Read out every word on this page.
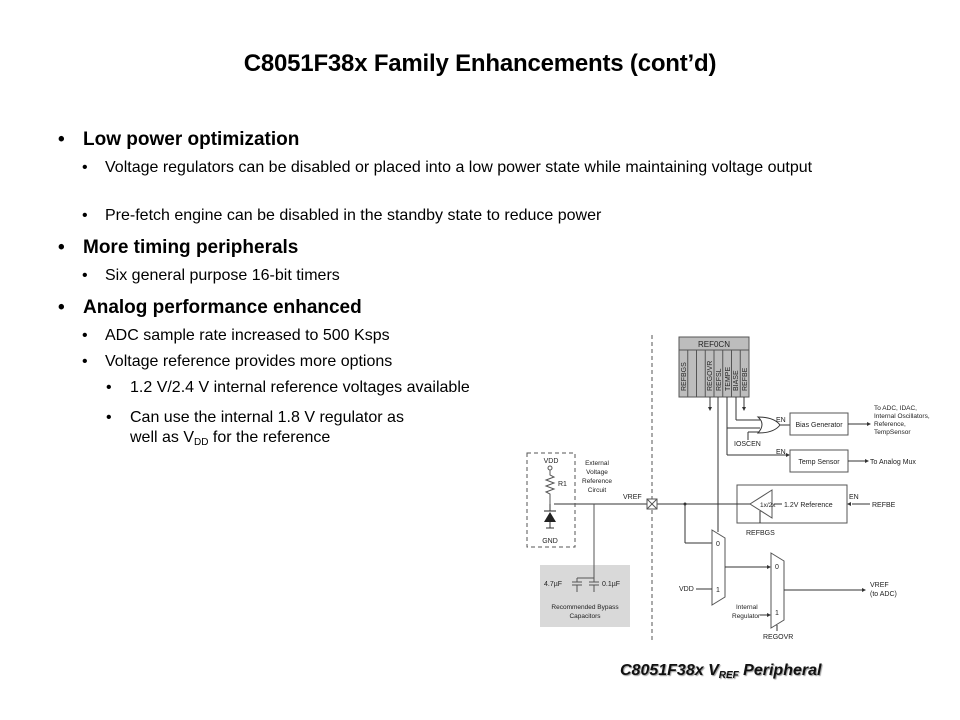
C8051F38x Family Enhancements (cont’d)
• Low power optimization
• Voltage regulators can be disabled or placed into a low power state while maintaining voltage output
• Pre-fetch engine can be disabled in the standby state to reduce power
• More timing peripherals
• Six general purpose 16-bit timers
• Analog performance enhanced
• ADC sample rate increased to 500 Ksps
• Voltage reference provides more options
• 1.2 V/2.4 V internal reference voltages available
• Can use the internal 1.8 V regulator as
well as $V_{DD}$ for the reference
REF0CN
REFBGS	REGOVR REFSL TEMPE BIASE REFBE
IOSCEN
EN
Bias Generator
To ADC, IDAC,
Internal Oscillators,
Reference,
TempSensor
EN
Temp Sensor	To Analog Mux
1x/2x 1.2V Reference
EN
REFBE
REFBGS
VREF
0
1
VDD
0
1
Internal
Regulator
REGOVR
VREF
(to ADC)
VDD
R1
GND
External
Voltage
Reference
Circuit
4.7µF	0.1µF
Recommended Bypass
Capacitors
C8051F38x $V_{REF}$ Peripheral
